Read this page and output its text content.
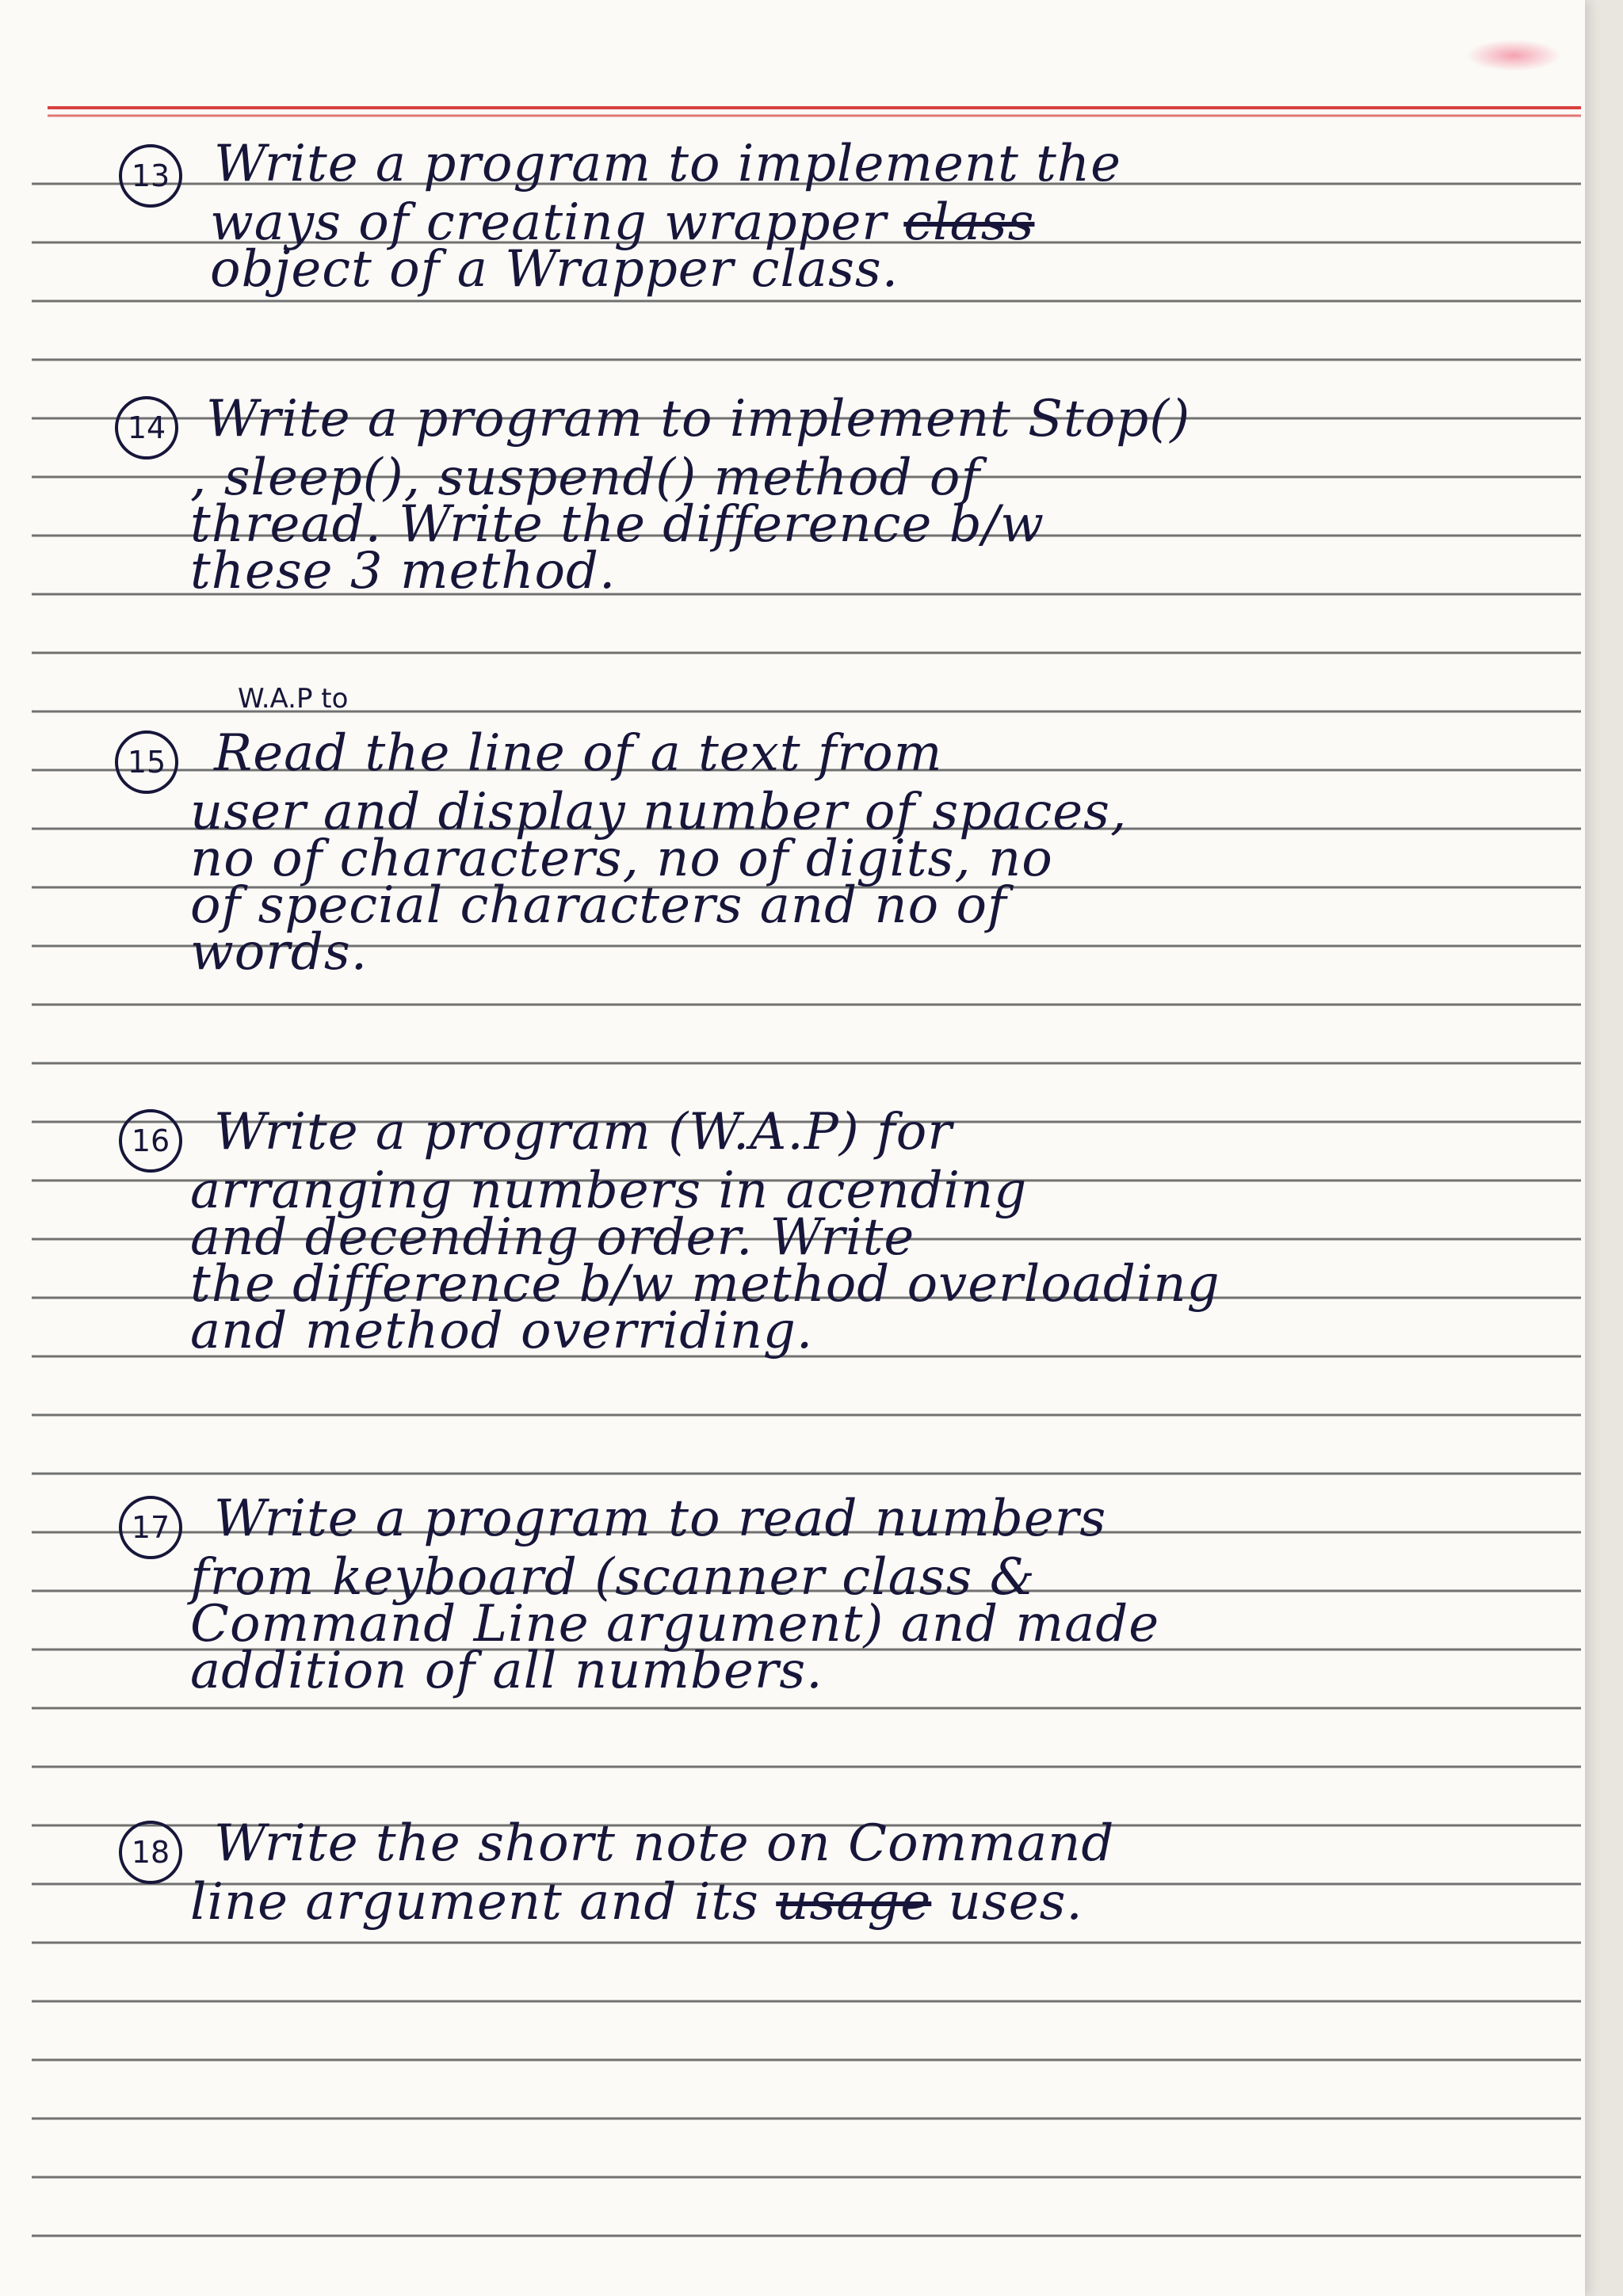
13 Write a program to implement the
ways of creating wrapper class
object of a Wrapper class.
14 Write a program to implement Stop()
, sleep(), suspend() method of
thread. Write the difference b/w
these 3 method.
W.A.P to
15 Read the line of a text from
user and display number of spaces,
no of characters, no of digits, no
of special characters and no of
words.
16 Write a program (W.A.P) for
arranging numbers in acending
and decending order. Write
the difference b/w method overloading
and method overriding.
17 Write a program to read numbers
from keyboard (scanner class &
Command Line argument) and made
addition of all numbers.
18 Write the short note on Command
line argument and its usage uses.
